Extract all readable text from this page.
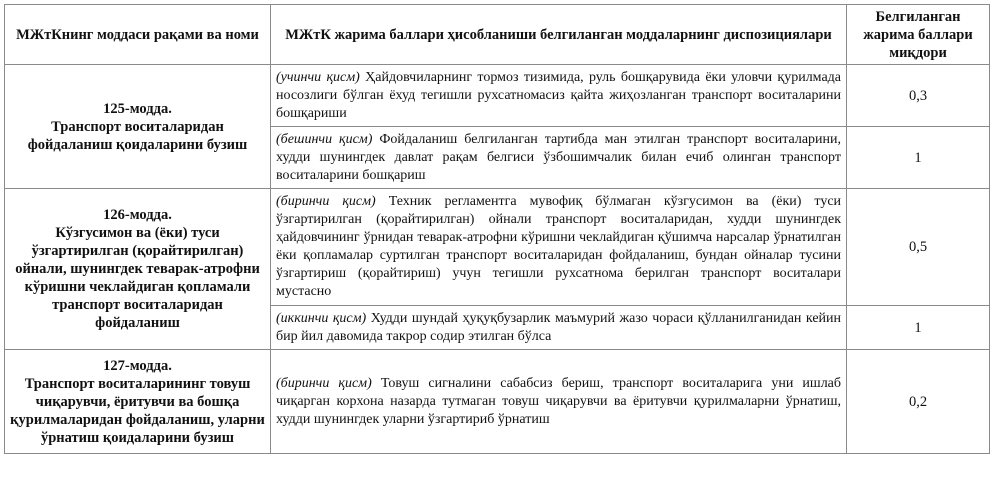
МЖтКнинг моддаси рақами ва номи	МЖтК жарима баллари ҳисобланиши белгиланган моддаларнинг диспозициялари	Белгиланган жарима баллари миқдори

125-модда.
Транспорт воситаларидан фойдаланиш қоидаларини бузиш	(учинчи қисм) Ҳайдовчиларнинг тормоз тизимида, руль бошқарувида ёки уловчи қурилмада носозлиги бўлган ёхуд тегишли рухсатномасиз қайта жиҳозланган транспорт воситаларини бошқариши	0,3
	(бешинчи қисм) Фойдаланиш белгиланган тартибда ман этилган транспорт воситаларини, худди шунингдек давлат рақам белгиси ўзбошимчалик билан ечиб олинган транспорт воситаларини бошқариш	1

126-модда.
Кўзгусимон ва (ёки) туси ўзгартирилган (қорайтирилган) ойнали, шунингдек теварак-атрофни кўришни чеклайдиган қопламали транспорт воситаларидан фойдаланиш	(биринчи қисм) Техник регламентга мувофиқ бўлмаган кўзгусимон ва (ёки) туси ўзгартирилган (қорайтирилган) ойнали транспорт воситаларидан, худди шунингдек ҳайдовчининг ўрнидан теварак-атрофни кўришни чеклайдиган қўшимча нарсалар ўрнатилган ёки қопламалар суртилган транспорт воситаларидан фойдаланиш, бундан ойналар тусини ўзгартириш (қорайтириш) учун тегишли рухсатнома берилган транспорт воситалари мустасно	0,5
	(иккинчи қисм) Худди шундай ҳуқуқбузарлик маъмурий жазо чораси қўлланилганидан кейин бир йил давомида такрор содир этилган бўлса	1

127-модда.
Транспорт воситаларининг товуш чиқарувчи, ёритувчи ва бошқа қурилмаларидан фойдаланиш, уларни ўрнатиш қоидаларини бузиш	(биринчи қисм) Товуш сигналини сабабсиз бериш, транспорт воситаларига уни ишлаб чиқарган корхона назарда тутмаган товуш чиқарувчи ва ёритувчи қурилмаларни ўрнатиш, худди шунингдек уларни ўзгартириб ўрнатиш	0,2
